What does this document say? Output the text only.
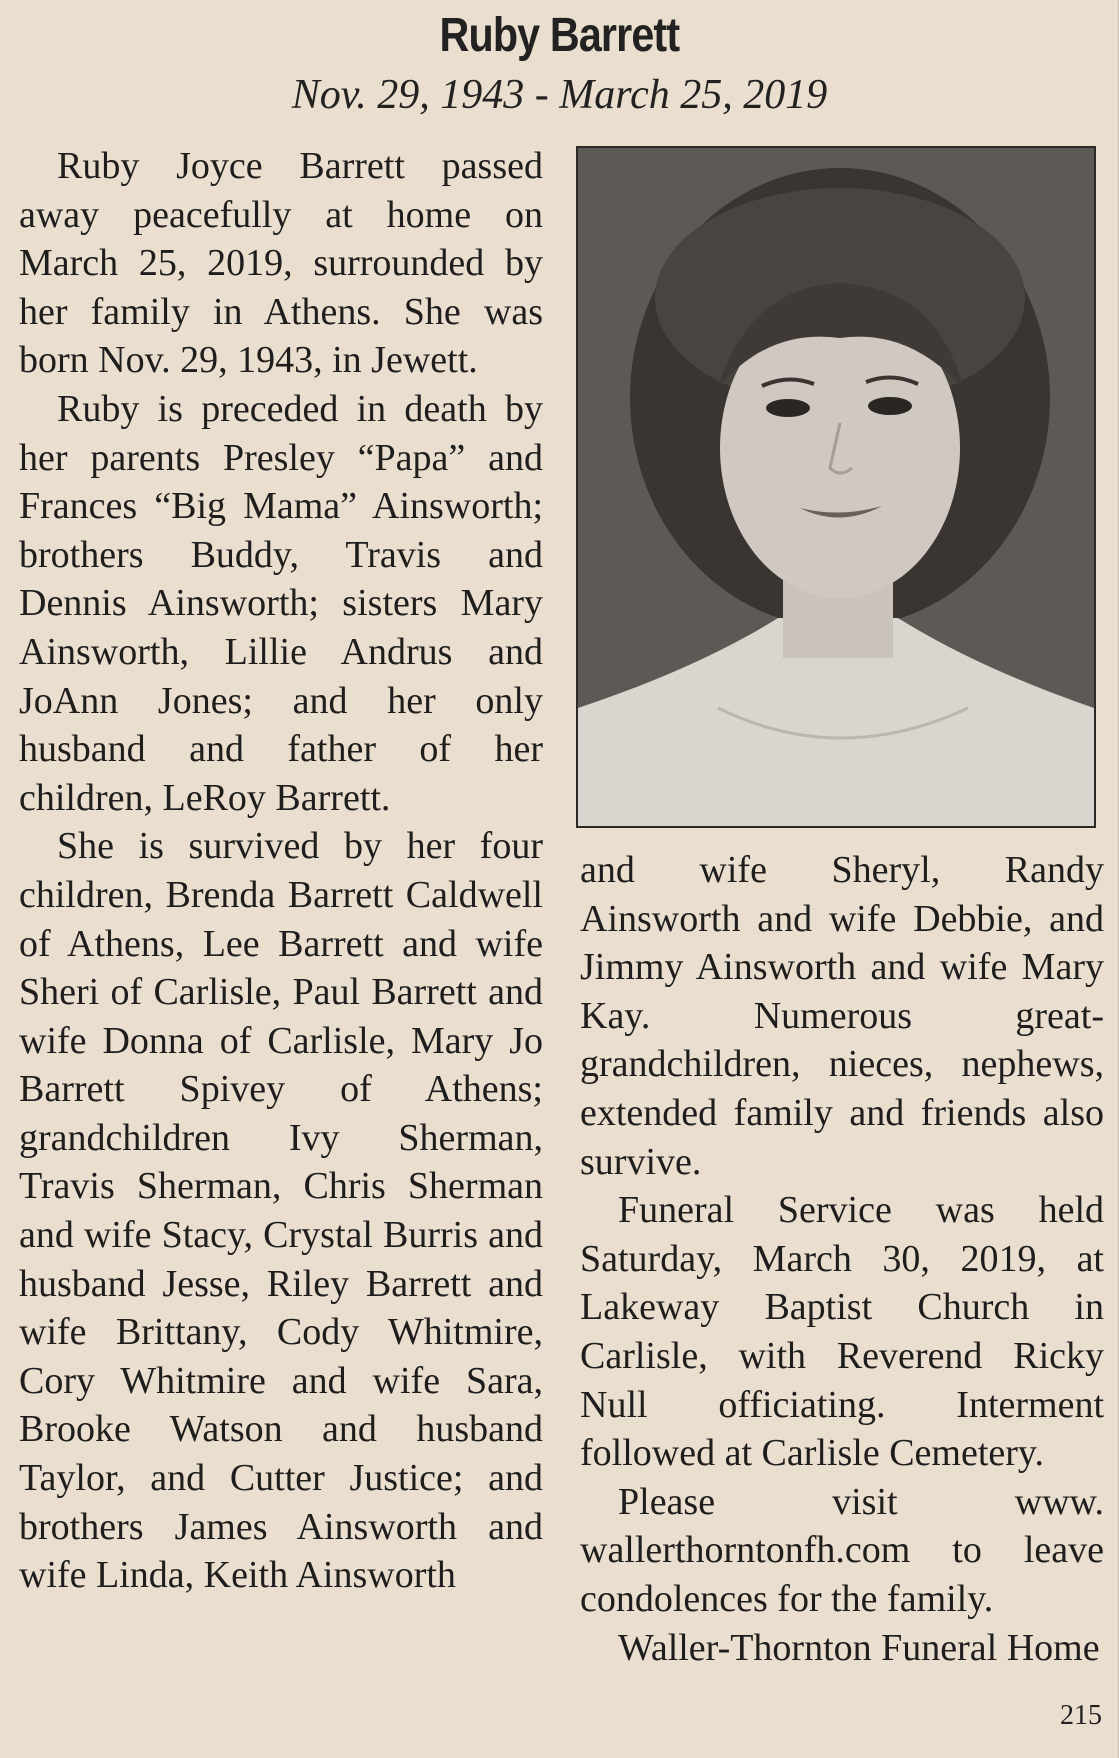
Ruby Barrett
Nov. 29, 1943 - March 25, 2019

Ruby Joyce Barrett passed away peacefully at home on March 25, 2019, surrounded by her family in Athens. She was born Nov. 29, 1943, in Jewett.

Ruby is preceded in death by her parents Presley “Papa” and Frances “Big Mama” Ainsworth; brothers Buddy, Travis and Dennis Ainsworth; sisters Mary Ainsworth, Lillie Andrus and JoAnn Jones; and her only husband and father of her children, LeRoy Barrett.

She is survived by her four children, Brenda Barrett Caldwell of Athens, Lee Barrett and wife Sheri of Carlisle, Paul Barrett and wife Donna of Carlisle, Mary Jo Barrett Spivey of Athens; grandchildren Ivy Sherman, Travis Sherman, Chris Sherman and wife Stacy, Crystal Burris and husband Jesse, Riley Barrett and wife Brittany, Cody Whitmire, Cory Whitmire and wife Sara, Brooke Watson and husband Taylor, and Cutter Justice; and brothers James Ainsworth and wife Linda, Keith Ainsworth

and wife Sheryl, Randy Ainsworth and wife Debbie, and Jimmy Ainsworth and wife Mary Kay. Numerous great-grandchildren, nieces, nephews, extended family and friends also survive.

Funeral Service was held Saturday, March 30, 2019, at Lakeway Baptist Church in Carlisle, with Reverend Ricky Null officiating. Interment followed at Carlisle Cemetery.

Please visit www. wallerthorntonfh.com to leave condolences for the family.

Waller-Thornton Funeral Home

215
